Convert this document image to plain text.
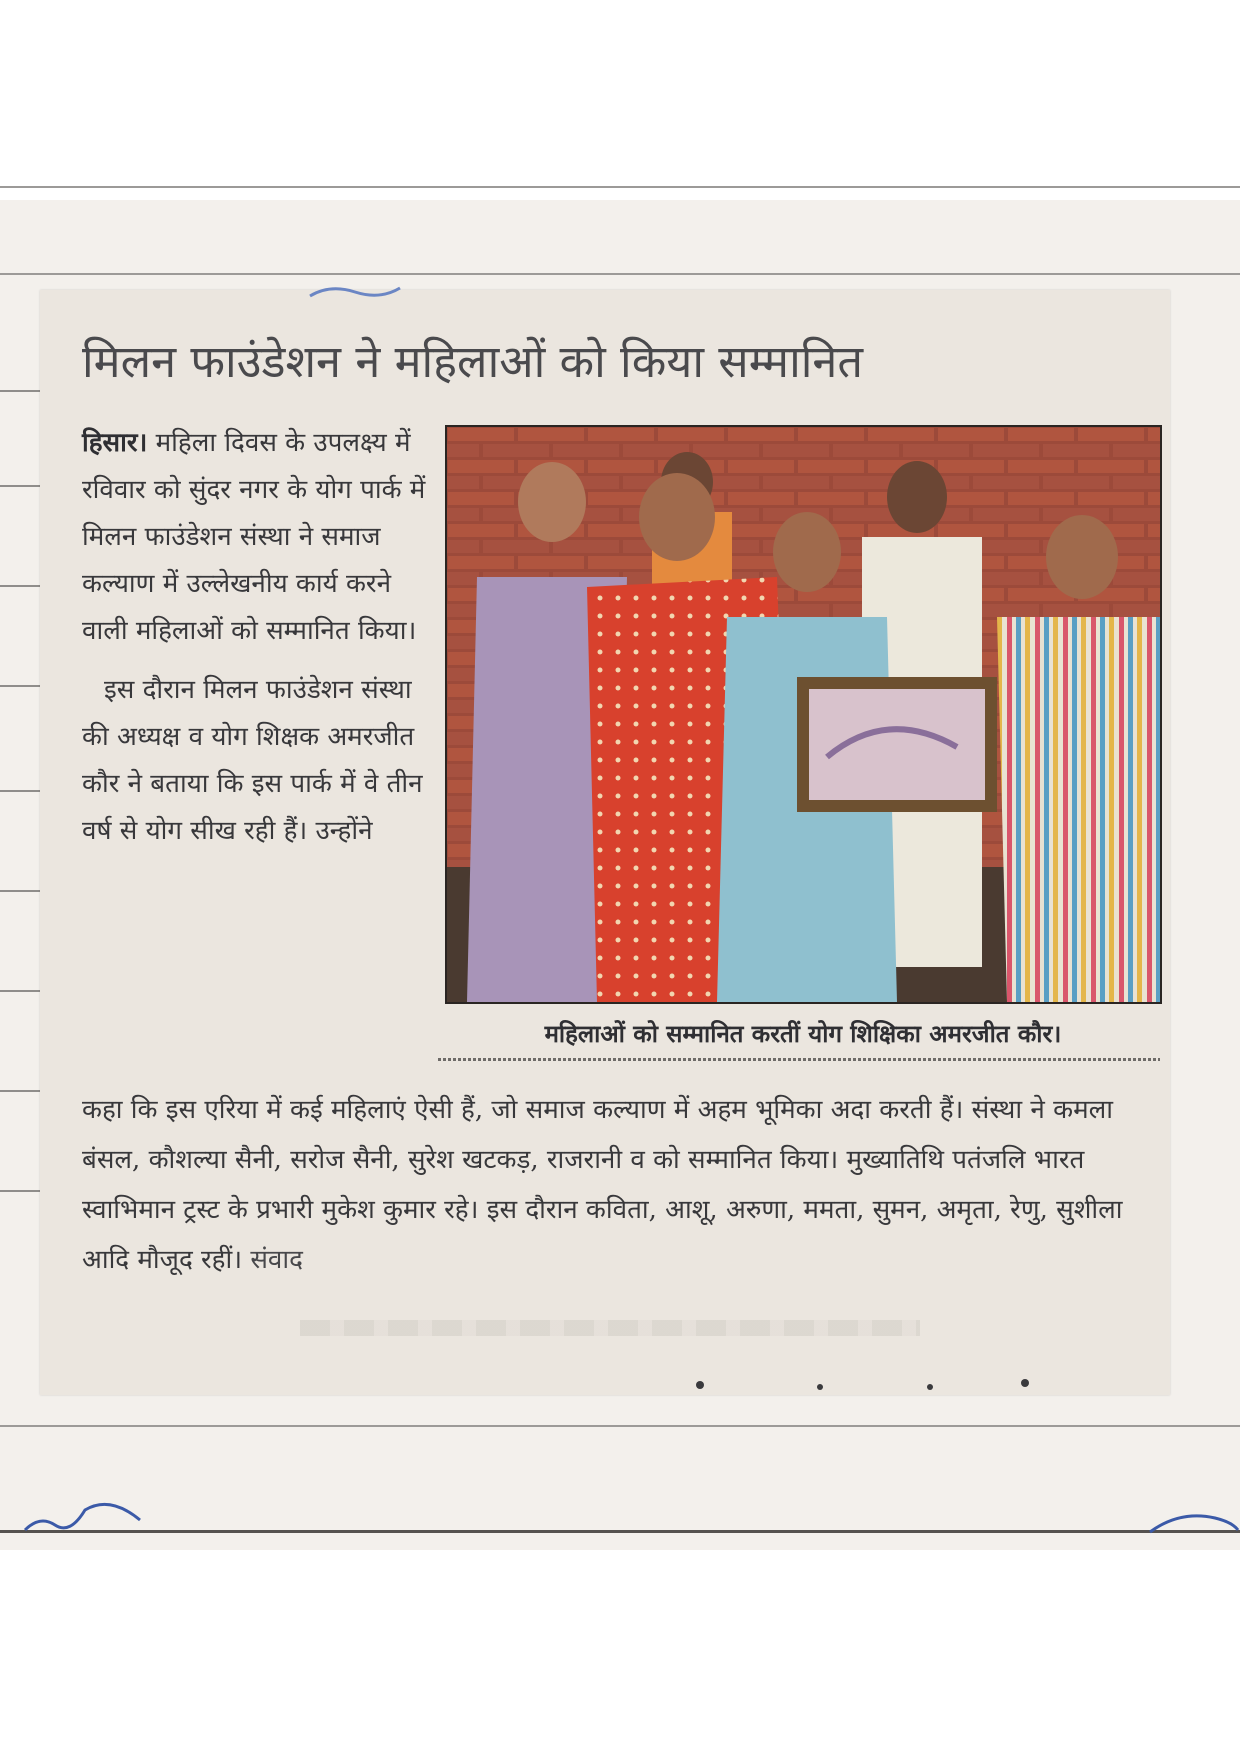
मिलन फाउंडेशन ने महिलाओं को किया सम्मानित

हिसार। महिला दिवस के उपलक्ष्य में रविवार को सुंदर नगर के योग पार्क में मिलन फाउंडेशन संस्था ने समाज कल्याण में उल्लेखनीय कार्य करने वाली महिलाओं को सम्मानित किया।

इस दौरान मिलन फाउंडेशन संस्था की अध्यक्ष व योग शिक्षक अमरजीत कौर ने बताया कि इस पार्क में वे तीन वर्ष से योग सीख रही हैं। उन्होंने

महिलाओं को सम्मानित करतीं योग शिक्षिका अमरजीत कौर।

कहा कि इस एरिया में कई महिलाएं ऐसी हैं, जो समाज कल्याण में अहम भूमिका अदा करती हैं। संस्था ने कमला बंसल, कौशल्या सैनी, सरोज सैनी, सुरेश खटकड़, राजरानी व को सम्मानित किया। मुख्यातिथि पतंजलि भारत स्वाभिमान ट्रस्ट के प्रभारी मुकेश कुमार रहे। इस दौरान कविता, आशू, अरुणा, ममता, सुमन, अमृता, रेणु, सुशीला आदि मौजूद रहीं। संवाद
